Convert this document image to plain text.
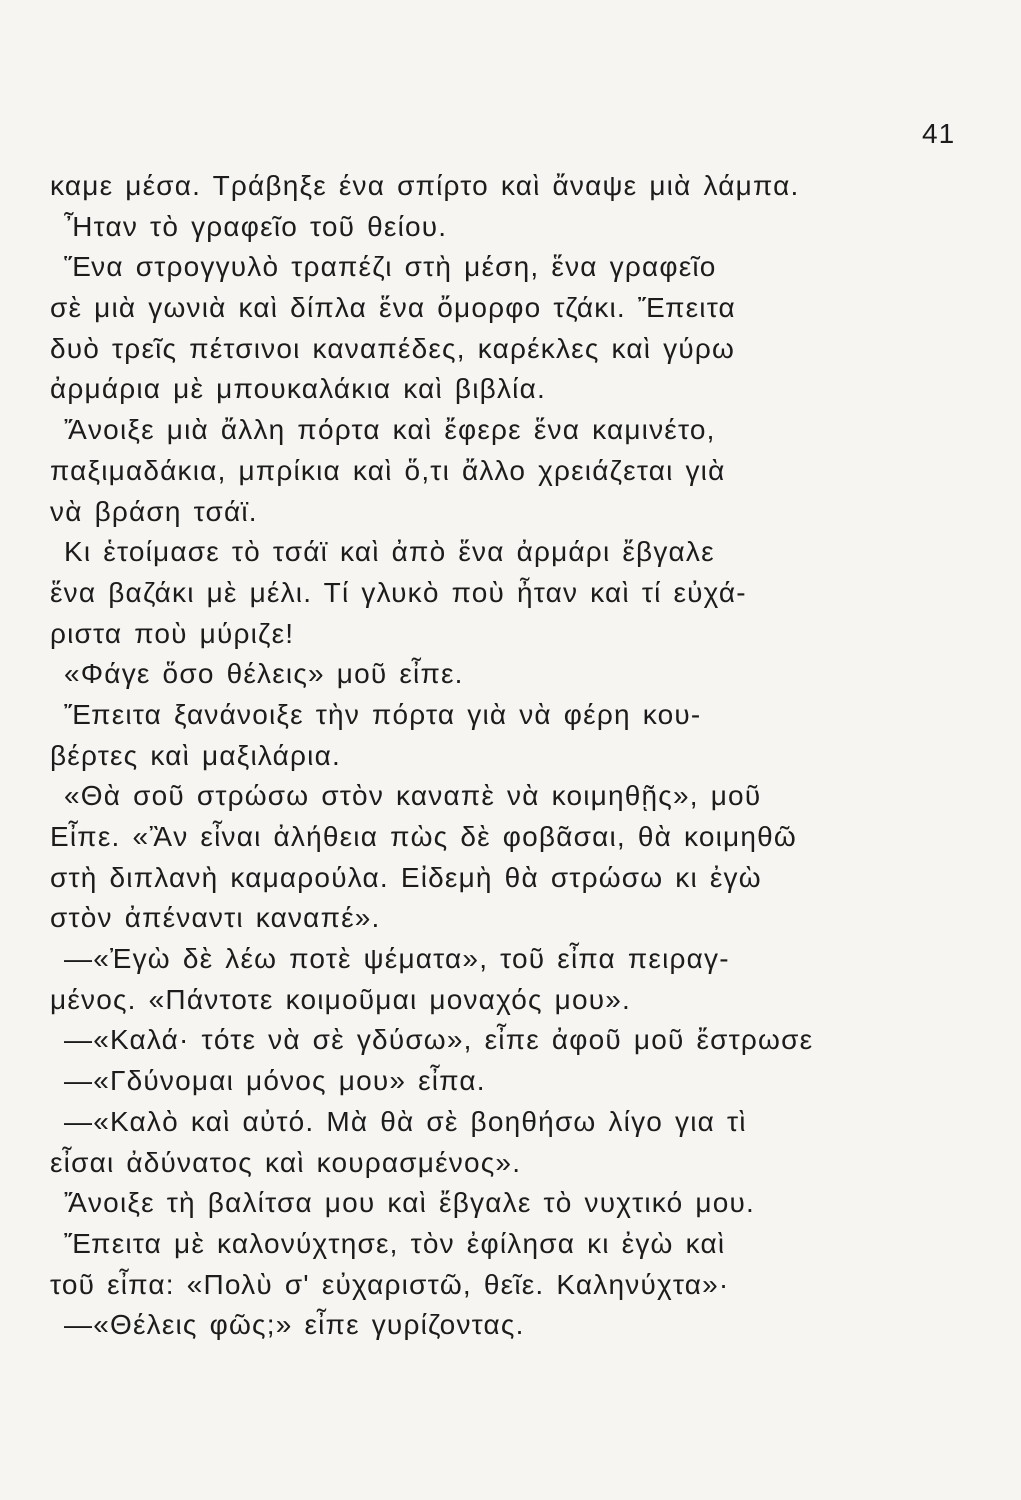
41
καμε μέσα. Τράβηξε ένα σπίρτο καὶ ἄναψε μιὰ λάμπα.
Ἦταν τὸ γραφεῖο τοῦ θείου.
Ἕνα στρογγυλὸ τραπέζι στὴ μέση, ἕνα γραφεῖο
σὲ μιὰ γωνιὰ καὶ δίπλα ἕνα ὄμορφο τζάκι. Ἔπειτα
δυὸ τρεῖς πέτσινοι καναπέδες, καρέκλες καὶ γύρω
ἀρμάρια μὲ μπουκαλάκια καὶ βιβλία.
Ἄνοιξε μιὰ ἄλλη πόρτα καὶ ἔφερε ἕνα καμινέτο,
παξιμαδάκια, μπρίκια καὶ ὅ,τι ἄλλο χρειάζεται γιὰ
νὰ βράση τσάϊ.
Κι ἑτοίμασε τὸ τσάϊ καὶ ἀπὸ ἕνα ἀρμάρι ἔβγαλε
ἕνα βαζάκι μὲ μέλι. Τί γλυκὸ ποὺ ἦταν καὶ τί εὐχά-
ριστα ποὺ μύριζε!
«Φάγε ὅσο θέλεις» μοῦ εἶπε.
Ἔπειτα ξανάνοιξε τὴν πόρτα γιὰ νὰ φέρη κου-
βέρτες καὶ μαξιλάρια.
«Θὰ σοῦ στρώσω στὸν καναπὲ νὰ κοιμηθῇς», μοῦ
Εἶπε. «Ἂν εἶναι ἀλήθεια πὼς δὲ φοβᾶσαι, θὰ κοιμηθῶ
στὴ διπλανὴ καμαρούλα. Εἰδεμὴ θὰ στρώσω κι ἐγὼ
στὸν ἀπέναντι καναπέ».
—«Ἐγὼ δὲ λέω ποτὲ ψέματα», τοῦ εἶπα πειραγ-
μένος. «Πάντοτε κοιμοῦμαι μοναχός μου».
—«Καλά· τότε νὰ σὲ γδύσω», εἶπε ἀφοῦ μοῦ ἔστρωσε
—«Γδύνομαι μόνος μου» εἶπα.
—«Καλὸ καὶ αὐτό. Μὰ θὰ σὲ βοηθήσω λίγο για τὶ
εἶσαι ἀδύνατος καὶ κουρασμένος».
Ἄνοιξε τὴ βαλίτσα μου καὶ ἔβγαλε τὸ νυχτικό μου.
Ἔπειτα μὲ καλονύχτησε, τὸν ἐφίλησα κι ἐγὼ καὶ
τοῦ εἶπα: «Πολὺ σ' εὐχαριστῶ, θεῖε. Καληνύχτα»·
—«Θέλεις φῶς;» εἶπε γυρίζοντας.
